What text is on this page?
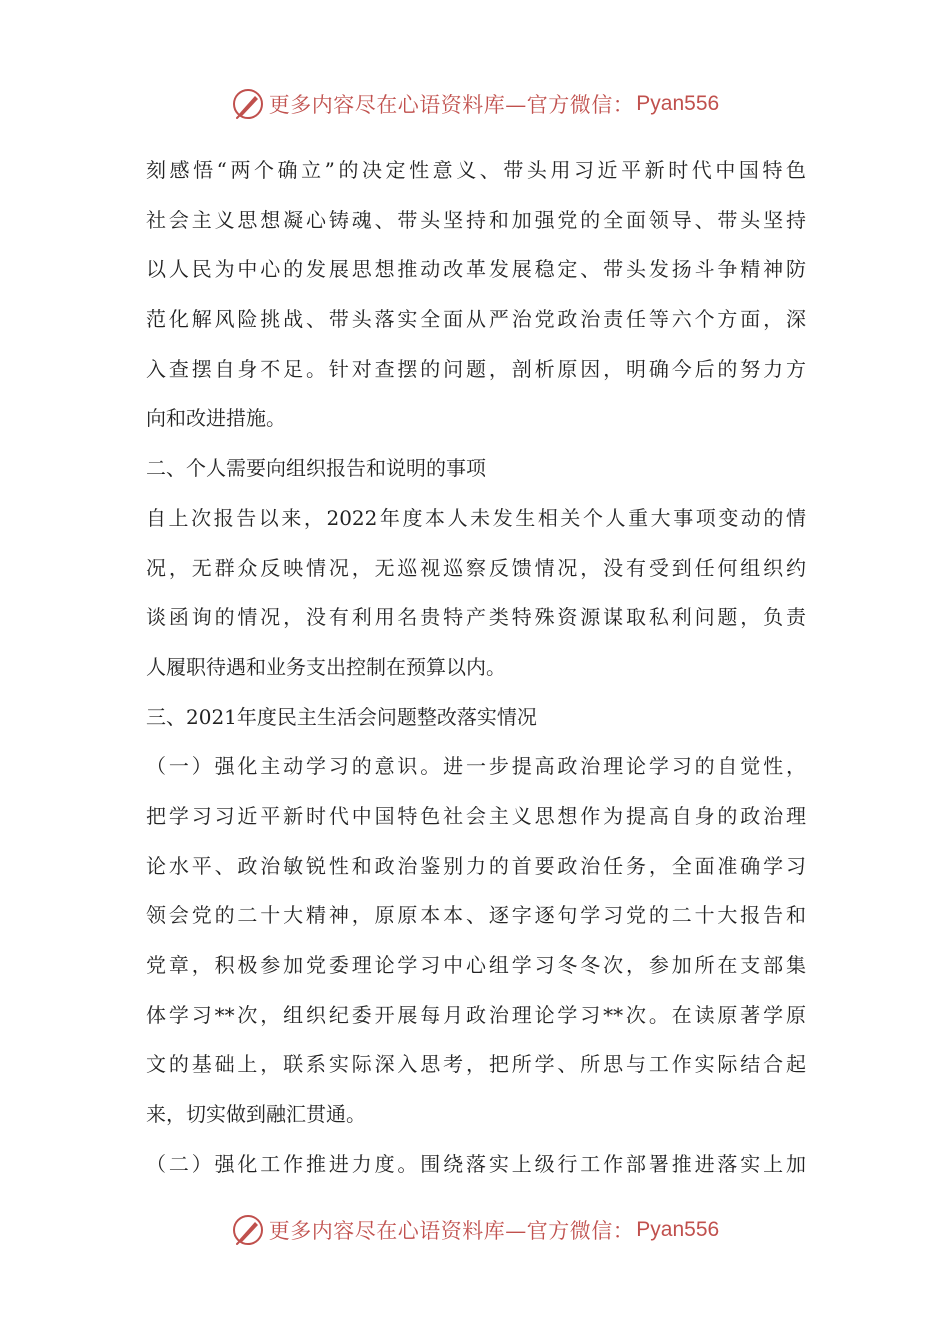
更多内容尽在心语资料库—官方微信： Pyan556
刻感悟“两个确立”的决定性意义、带头用习近平新时代中国特色
社会主义思想凝心铸魂、带头坚持和加强党的全面领导、带头坚持
以人民为中心的发展思想推动改革发展稳定、带头发扬斗争精神防
范化解风险挑战、带头落实全面从严治党政治责任等六个方面，深
入查摆自身不足。针对查摆的问题，剖析原因，明确今后的努力方
向和改进措施。
二、个人需要向组织报告和说明的事项
自上次报告以来，2022年度本人未发生相关个人重大事项变动的情
况，无群众反映情况，无巡视巡察反馈情况，没有受到任何组织约
谈函询的情况，没有利用名贵特产类特殊资源谋取私利问题，负责
人履职待遇和业务支出控制在预算以内。
三、2021年度民主生活会问题整改落实情况
（一）强化主动学习的意识。进一步提高政治理论学习的自觉性，
把学习习近平新时代中国特色社会主义思想作为提高自身的政治理
论水平、政治敏锐性和政治鉴别力的首要政治任务，全面准确学习
领会党的二十大精神，原原本本、逐字逐句学习党的二十大报告和
党章，积极参加党委理论学习中心组学习冬冬次，参加所在支部集
体学习**次，组织纪委开展每月政治理论学习**次。在读原著学原
文的基础上，联系实际深入思考，把所学、所思与工作实际结合起
来，切实做到融汇贯通。
（二）强化工作推进力度。围绕落实上级行工作部署推进落实上加
更多内容尽在心语资料库—官方微信： Pyan556
